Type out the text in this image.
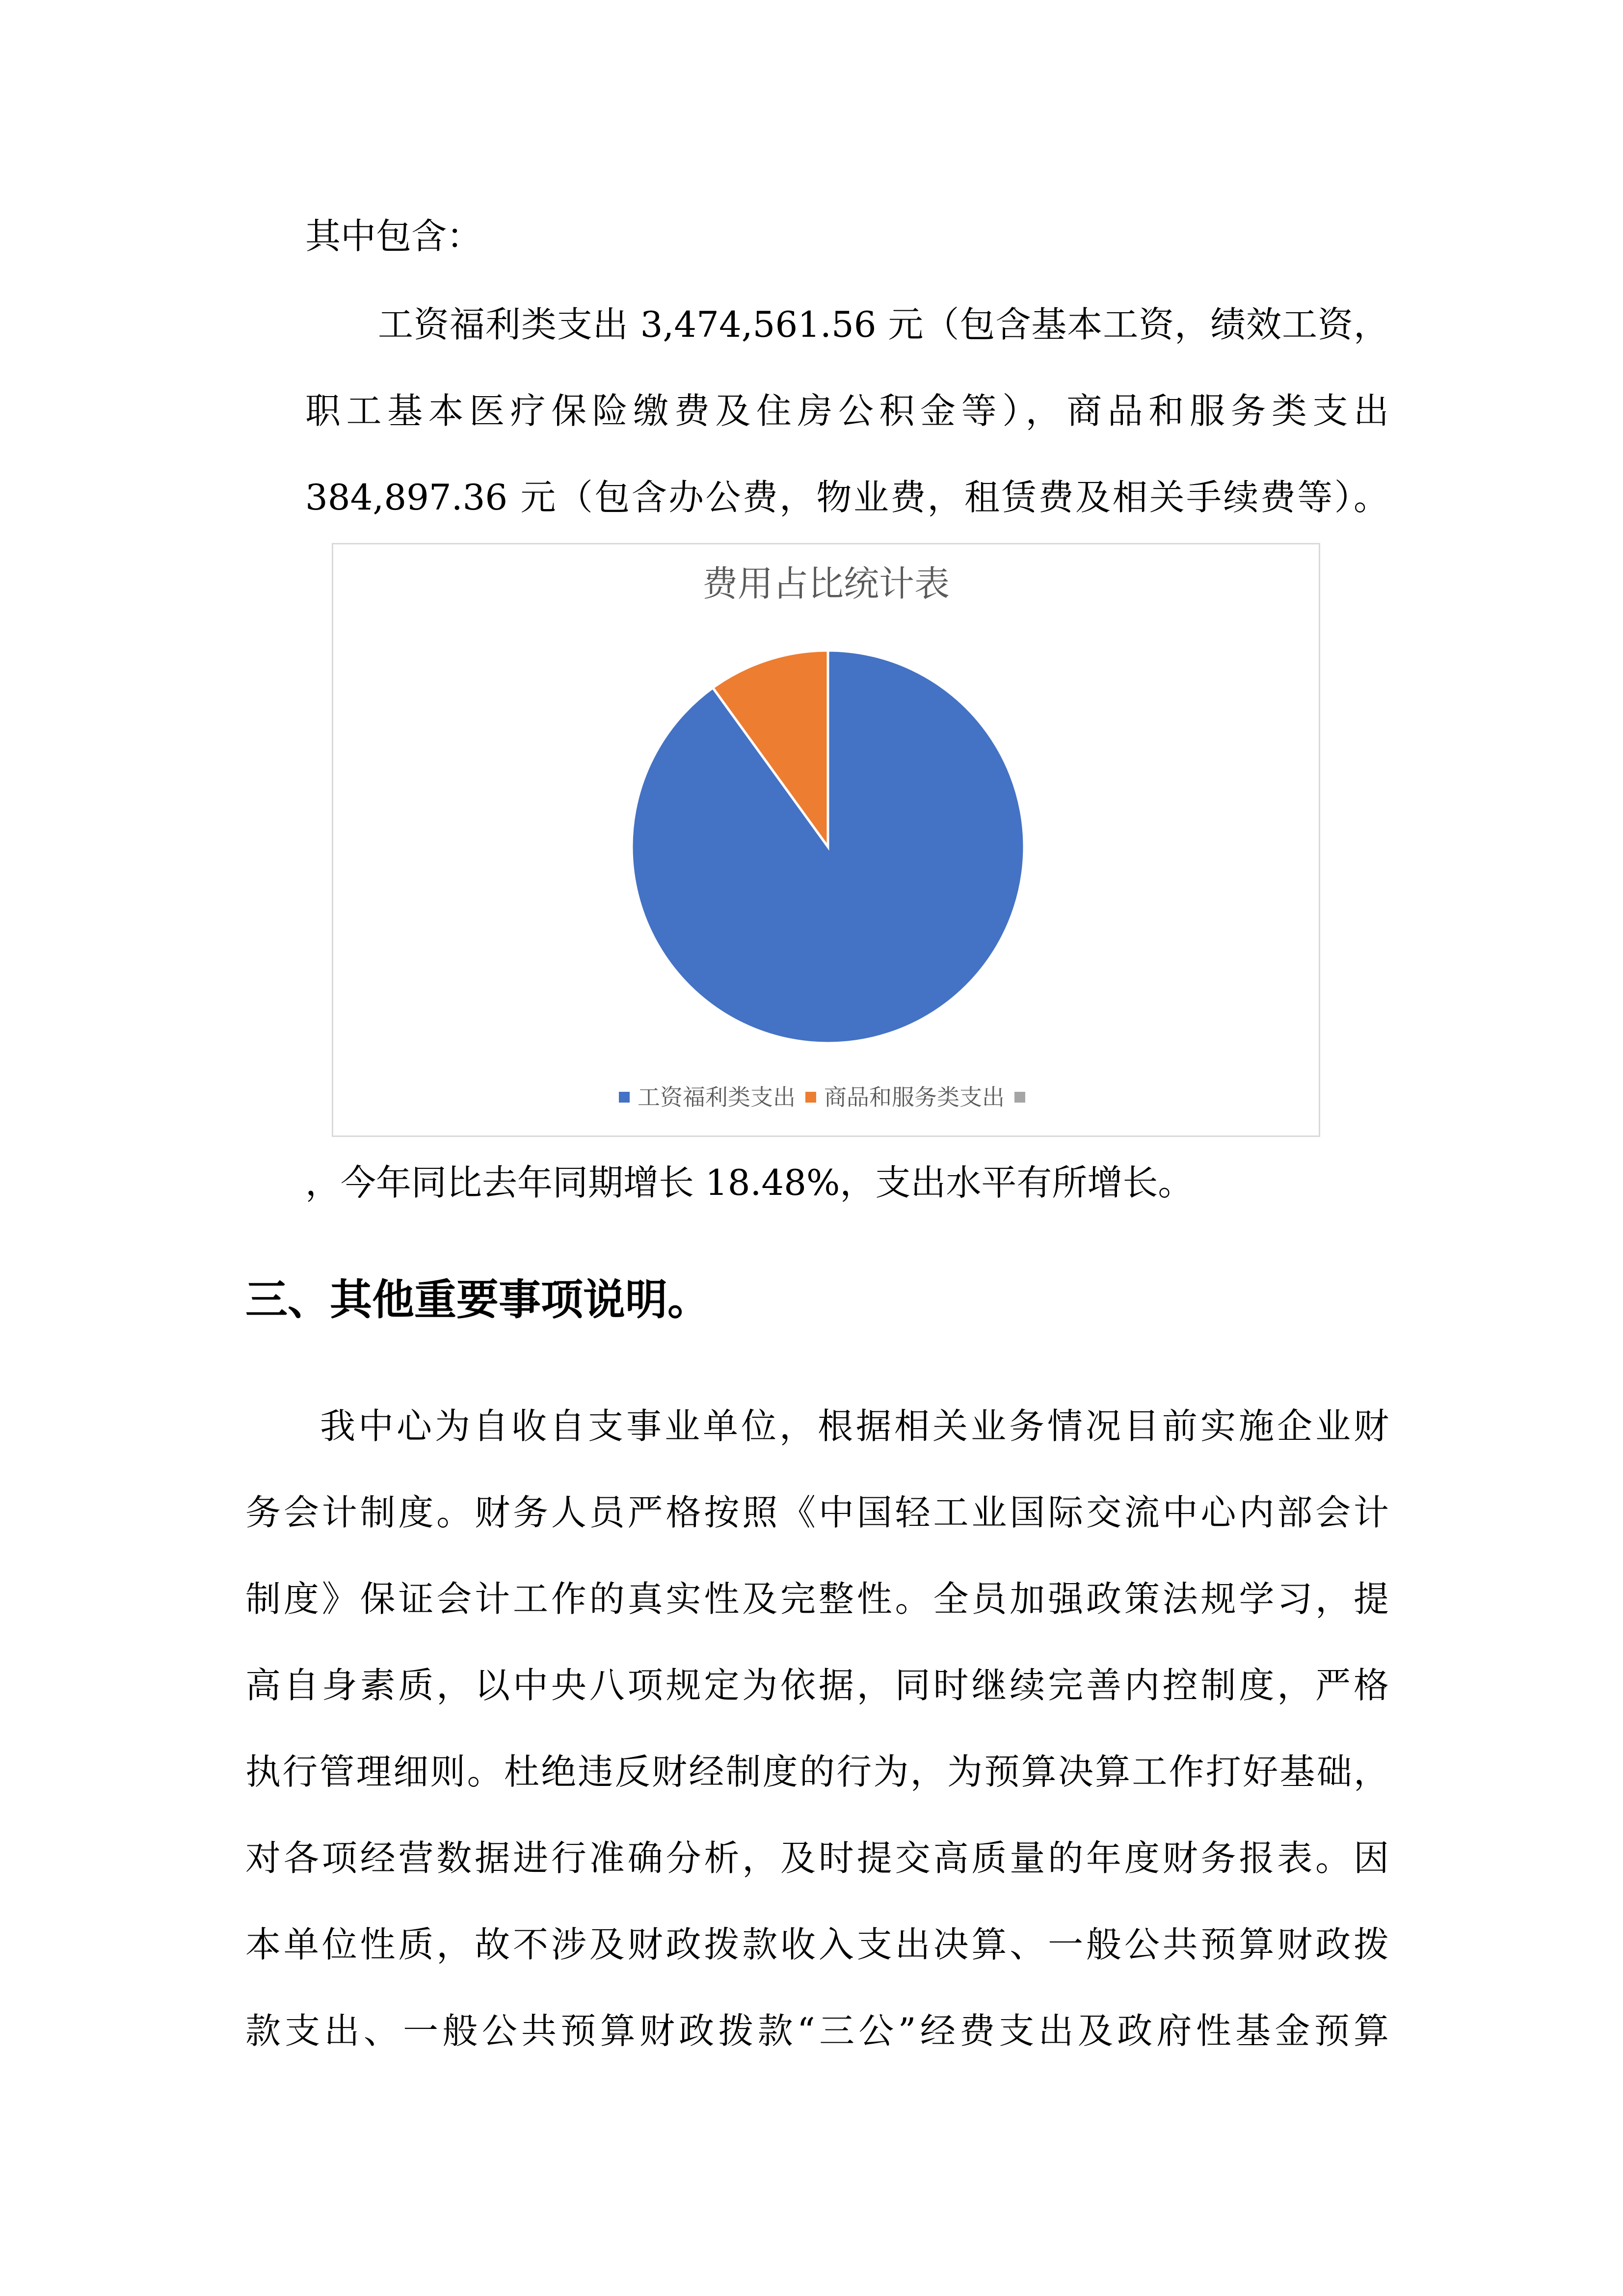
其中包含：

工资福利类支出 3,474,561.56 元（包含基本工资，绩效工资，

职工基本医疗保险缴费及住房公积金等），商品和服务类支出

384,897.36 元（包含办公费，物业费，租赁费及相关手续费等）。

费用占比统计表
工资福利类支出 商品和服务类支出

，今年同比去年同期增长 18.48%，支出水平有所增长。

三、其他重要事项说明。

我中心为自收自支事业单位，根据相关业务情况目前实施企业财

务会计制度。财务人员严格按照《中国轻工业国际交流中心内部会计

制度》保证会计工作的真实性及完整性。全员加强政策法规学习，提

高自身素质，以中央八项规定为依据，同时继续完善内控制度，严格

执行管理细则。杜绝违反财经制度的行为，为预算决算工作打好基础，

对各项经营数据进行准确分析，及时提交高质量的年度财务报表。因

本单位性质，故不涉及财政拨款收入支出决算、一般公共预算财政拨

款支出、一般公共预算财政拨款“三公”经费支出及政府性基金预算
